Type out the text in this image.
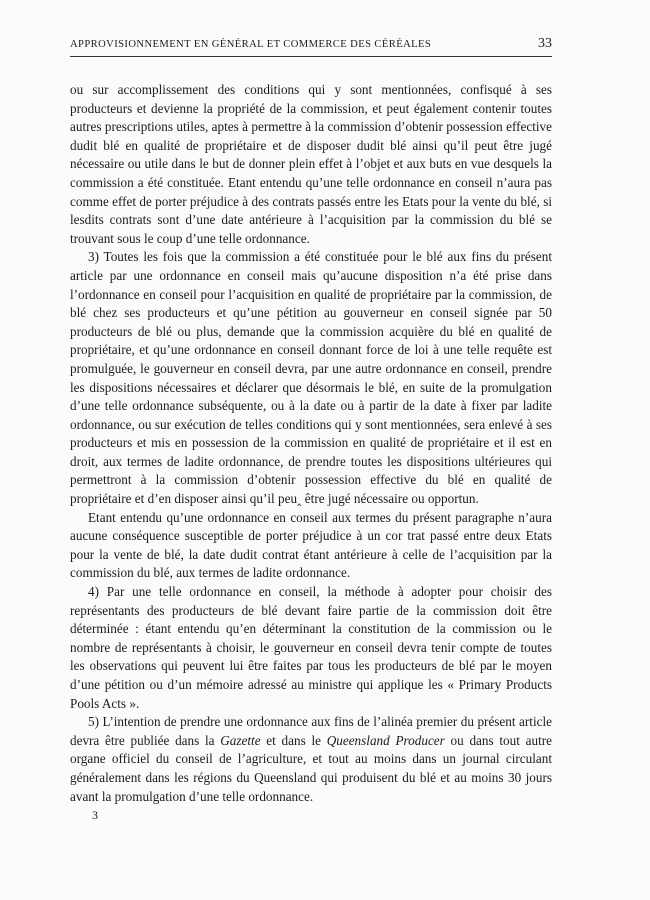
APPROVISIONNEMENT EN GÉNÉRAL ET COMMERCE DES CÉRÉALES	33

ou sur accomplissement des conditions qui y sont mentionnées, confisqué à ses producteurs et devienne la propriété de la commission, et peut également contenir toutes autres prescriptions utiles, aptes à permettre à la commission d’obtenir possession effective dudit blé en qualité de propriétaire et de disposer dudit blé ainsi qu’il peut être jugé nécessaire ou utile dans le but de donner plein effet à l’objet et aux buts en vue desquels la commission a été constituée. Etant entendu qu’une telle ordonnance en conseil n’aura pas comme effet de porter préjudice à des contrats passés entre les Etats pour la vente du blé, si lesdits contrats sont d’une date antérieure à l’acquisition par la commission du blé se trouvant sous le coup d’une telle ordonnance.

3) Toutes les fois que la commission a été constituée pour le blé aux fins du présent article par une ordonnance en conseil mais qu’aucune disposition n’a été prise dans l’ordonnance en conseil pour l’acquisition en qualité de propriétaire par la commission, de blé chez ses producteurs et qu’une pétition au gouverneur en conseil signée par 50 producteurs de blé ou plus, demande que la commission acquière du blé en qualité de propriétaire, et qu’une ordonnance en conseil donnant force de loi à une telle requête est promulguée, le gouverneur en conseil devra, par une autre ordonnance en conseil, prendre les dispositions nécessaires et déclarer que désormais le blé, en suite de la promulgation d’une telle ordonnance subséquente, ou à la date ou à partir de la date à fixer par ladite ordonnance, ou sur exécution de telles conditions qui y sont mentionnées, sera enlevé à ses producteurs et mis en possession de la commission en qualité de propriétaire et il est en droit, aux termes de ladite ordonnance, de prendre toutes les dispositions ultérieures qui permettront à la commission d’obtenir possession effective du blé en qualité de propriétaire et d’en disposer ainsi qu’il peu‸ être jugé nécessaire ou opportun.

Etant entendu qu’une ordonnance en conseil aux termes du présent paragraphe n’aura aucune conséquence susceptible de porter préjudice à un cor trat passé entre deux Etats pour la vente de blé, la date dudit contrat étant antérieure à celle de l’acquisition par la commission du blé, aux termes de ladite ordonnance.

4) Par une telle ordonnance en conseil, la méthode à adopter pour choisir des représentants des producteurs de blé devant faire partie de la commission doit être déterminée : étant entendu qu’en déterminant la constitution de la commission ou le nombre de représentants à choisir, le gouverneur en conseil devra tenir compte de toutes les observations qui peuvent lui être faites par tous les producteurs de blé par le moyen d’une pétition ou d’un mémoire adressé au ministre qui applique les « Primary Products Pools Acts ».

5) L’intention de prendre une ordonnance aux fins de l’alinéa premier du présent article devra être publiée dans la Gazette et dans le Queensland Producer ou dans tout autre organe officiel du conseil de l’agriculture, et tout au moins dans un journal circulant généralement dans les régions du Queensland qui produisent du blé et au moins 30 jours avant la promulgation d’une telle ordonnance.

3
